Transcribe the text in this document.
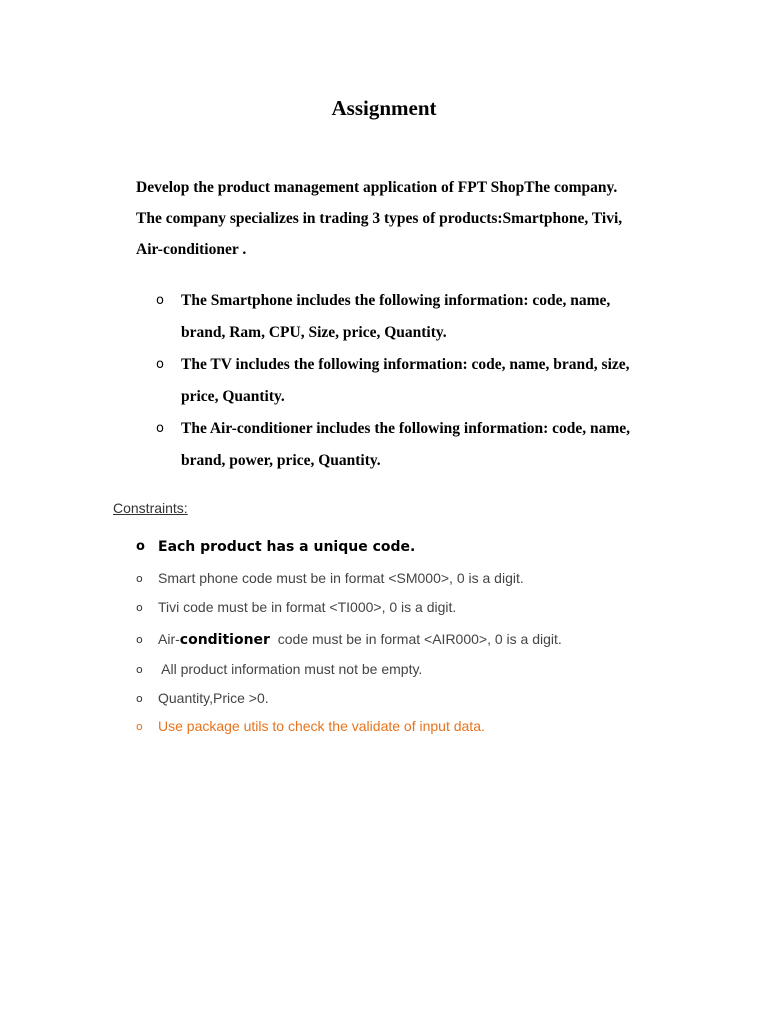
Assignment
Develop the product management application of FPT ShopThe company.
The company specializes in trading 3 types of products:Smartphone, Tivi,
Air-conditioner .
o The Smartphone includes the following information: code, name,
brand, Ram, CPU, Size, price, Quantity.
o The TV includes the following information: code, name, brand, size,
price, Quantity.
o The Air-conditioner includes the following information: code, name,
brand, power, price, Quantity.
Constraints:
o Each product has a unique code.
o Smart phone code must be in format <SM000>, 0 is a digit.
o Tivi code must be in format <TI000>, 0 is a digit.
o Air-conditioner  code must be in format <AIR000>, 0 is a digit.
o All product information must not be empty.
o Quantity,Price >0.
o Use package utils to check the validate of input data.
